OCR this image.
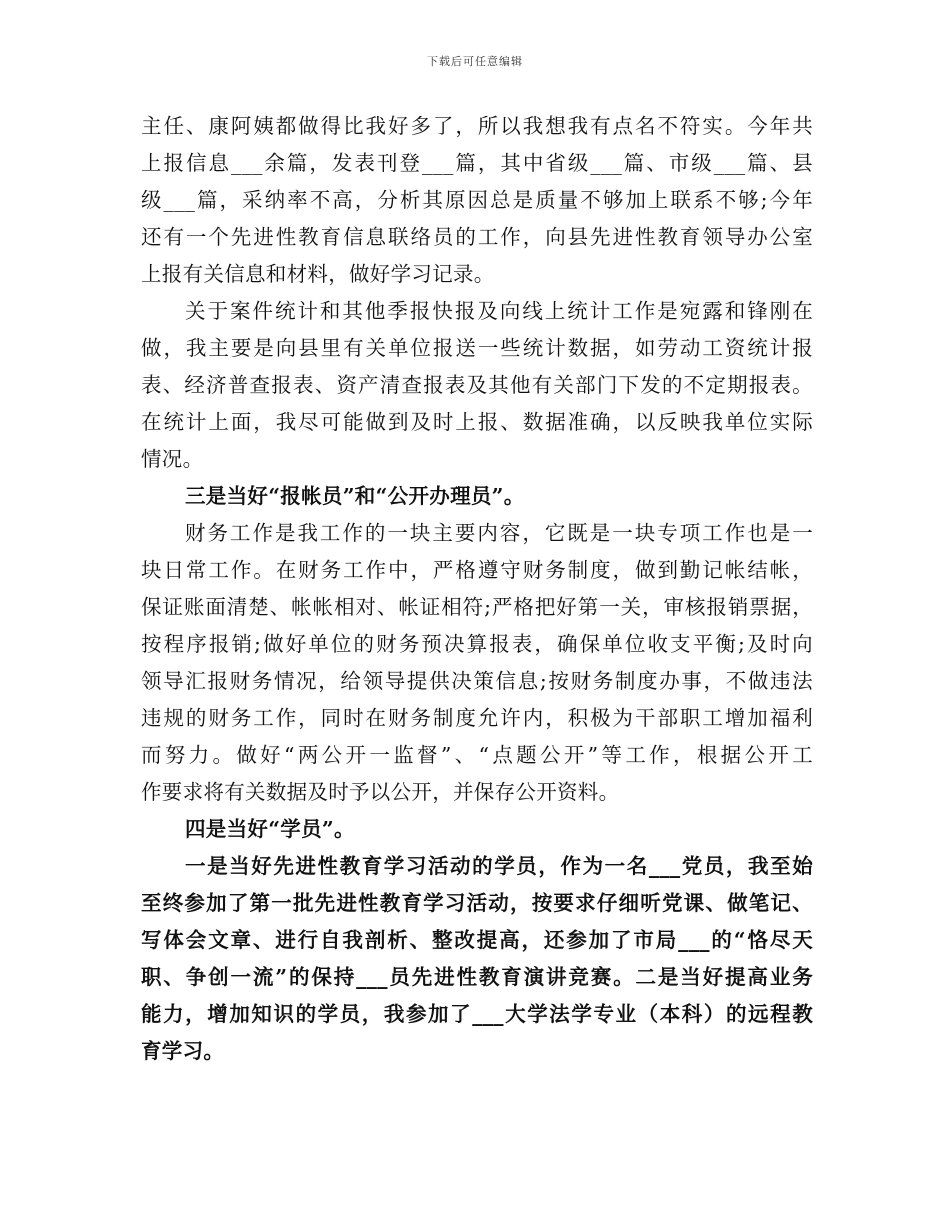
下载后可任意编辑
主任、康阿姨都做得比我好多了，所以我想我有点名不符实。今年共
上报信息___余篇，发表刊登___篇，其中省级___篇、市级___篇、县
级___篇，采纳率不高，分析其原因总是质量不够加上联系不够;今年
还有一个先进性教育信息联络员的工作，向县先进性教育领导办公室
上报有关信息和材料，做好学习记录。
关于案件统计和其他季报快报及向线上统计工作是宛露和锋刚在
做，我主要是向县里有关单位报送一些统计数据，如劳动工资统计报
表、经济普查报表、资产清查报表及其他有关部门下发的不定期报表。
在统计上面，我尽可能做到及时上报、数据准确，以反映我单位实际
情况。
三是当好“报帐员”和“公开办理员”。
财务工作是我工作的一块主要内容，它既是一块专项工作也是一
块日常工作。在财务工作中，严格遵守财务制度，做到勤记帐结帐，
保证账面清楚、帐帐相对、帐证相符;严格把好第一关，审核报销票据，
按程序报销;做好单位的财务预决算报表，确保单位收支平衡;及时向
领导汇报财务情况，给领导提供决策信息;按财务制度办事，不做违法
违规的财务工作，同时在财务制度允许内，积极为干部职工增加福利
而努力。做好“两公开一监督”、“点题公开”等工作，根据公开工
作要求将有关数据及时予以公开，并保存公开资料。
四是当好“学员”。
一是当好先进性教育学习活动的学员，作为一名___党员，我至始
至终参加了第一批先进性教育学习活动，按要求仔细听党课、做笔记、
写体会文章、进行自我剖析、整改提高，还参加了市局___的“恪尽天
职、争创一流”的保持___员先进性教育演讲竞赛。二是当好提高业务
能力，增加知识的学员，我参加了___大学法学专业（本科）的远程教
育学习。
